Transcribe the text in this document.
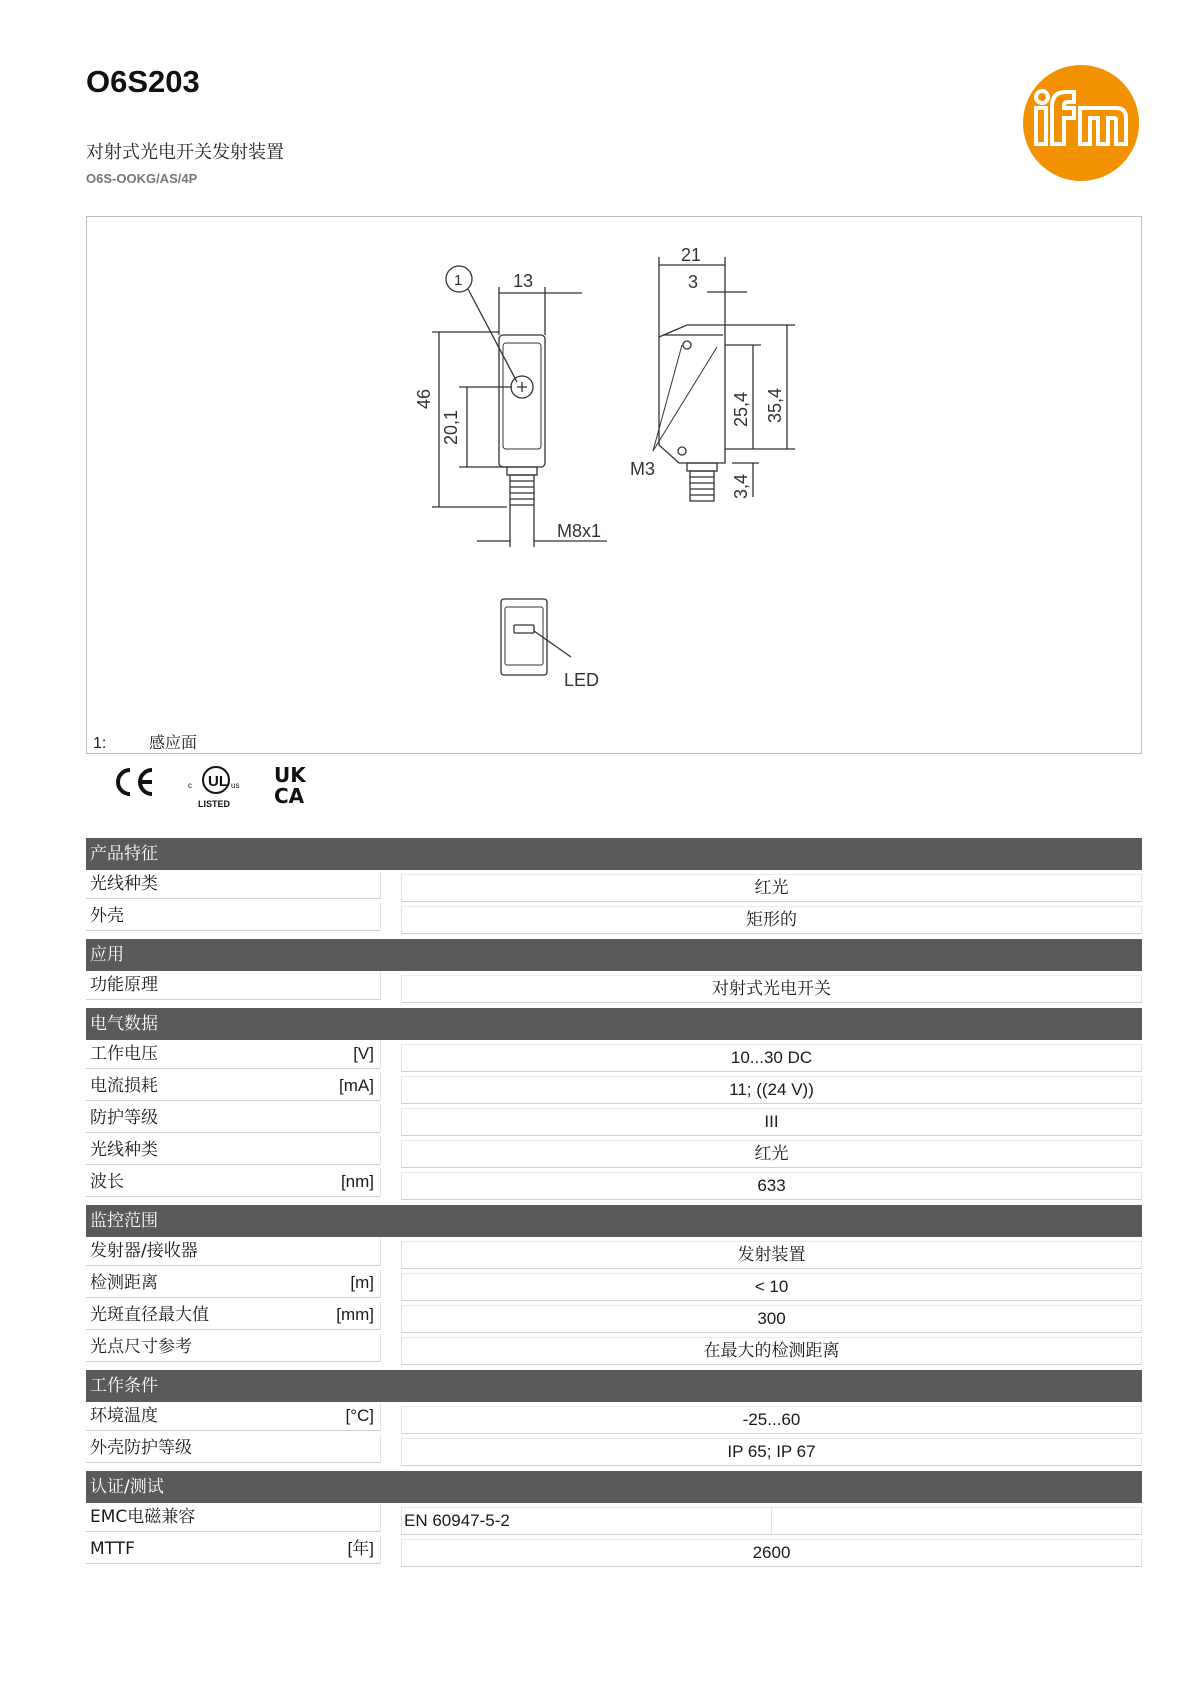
O6S203
对射式光电开关发射装置
O6S-OOKG/AS/4P
13
1
M8x1
46
20,1
21
3
25,4 35,4
3,4
M3
LED
1:	感应面
UL
c	us
LISTED
UK
CA
产品特征
光线种类	红光
外壳	矩形的
应用
功能原理	对射式光电开关
电气数据
工作电压	[V]	10...30 DC
电流损耗	[mA]	11; ((24 V))
防护等级	III
光线种类	红光
波长	[nm]	633
监控范围
发射器/接收器	发射装置
检测距离	[m]	< 10
光斑直径最大值	[mm]	300
光点尺寸参考	在最大的检测距离
工作条件
环境温度	[°C]	-25...60
外壳防护等级	IP 65; IP 67
认证/测试
EMC电磁兼容	EN 60947-5-2
MTTF	[年]	2600
